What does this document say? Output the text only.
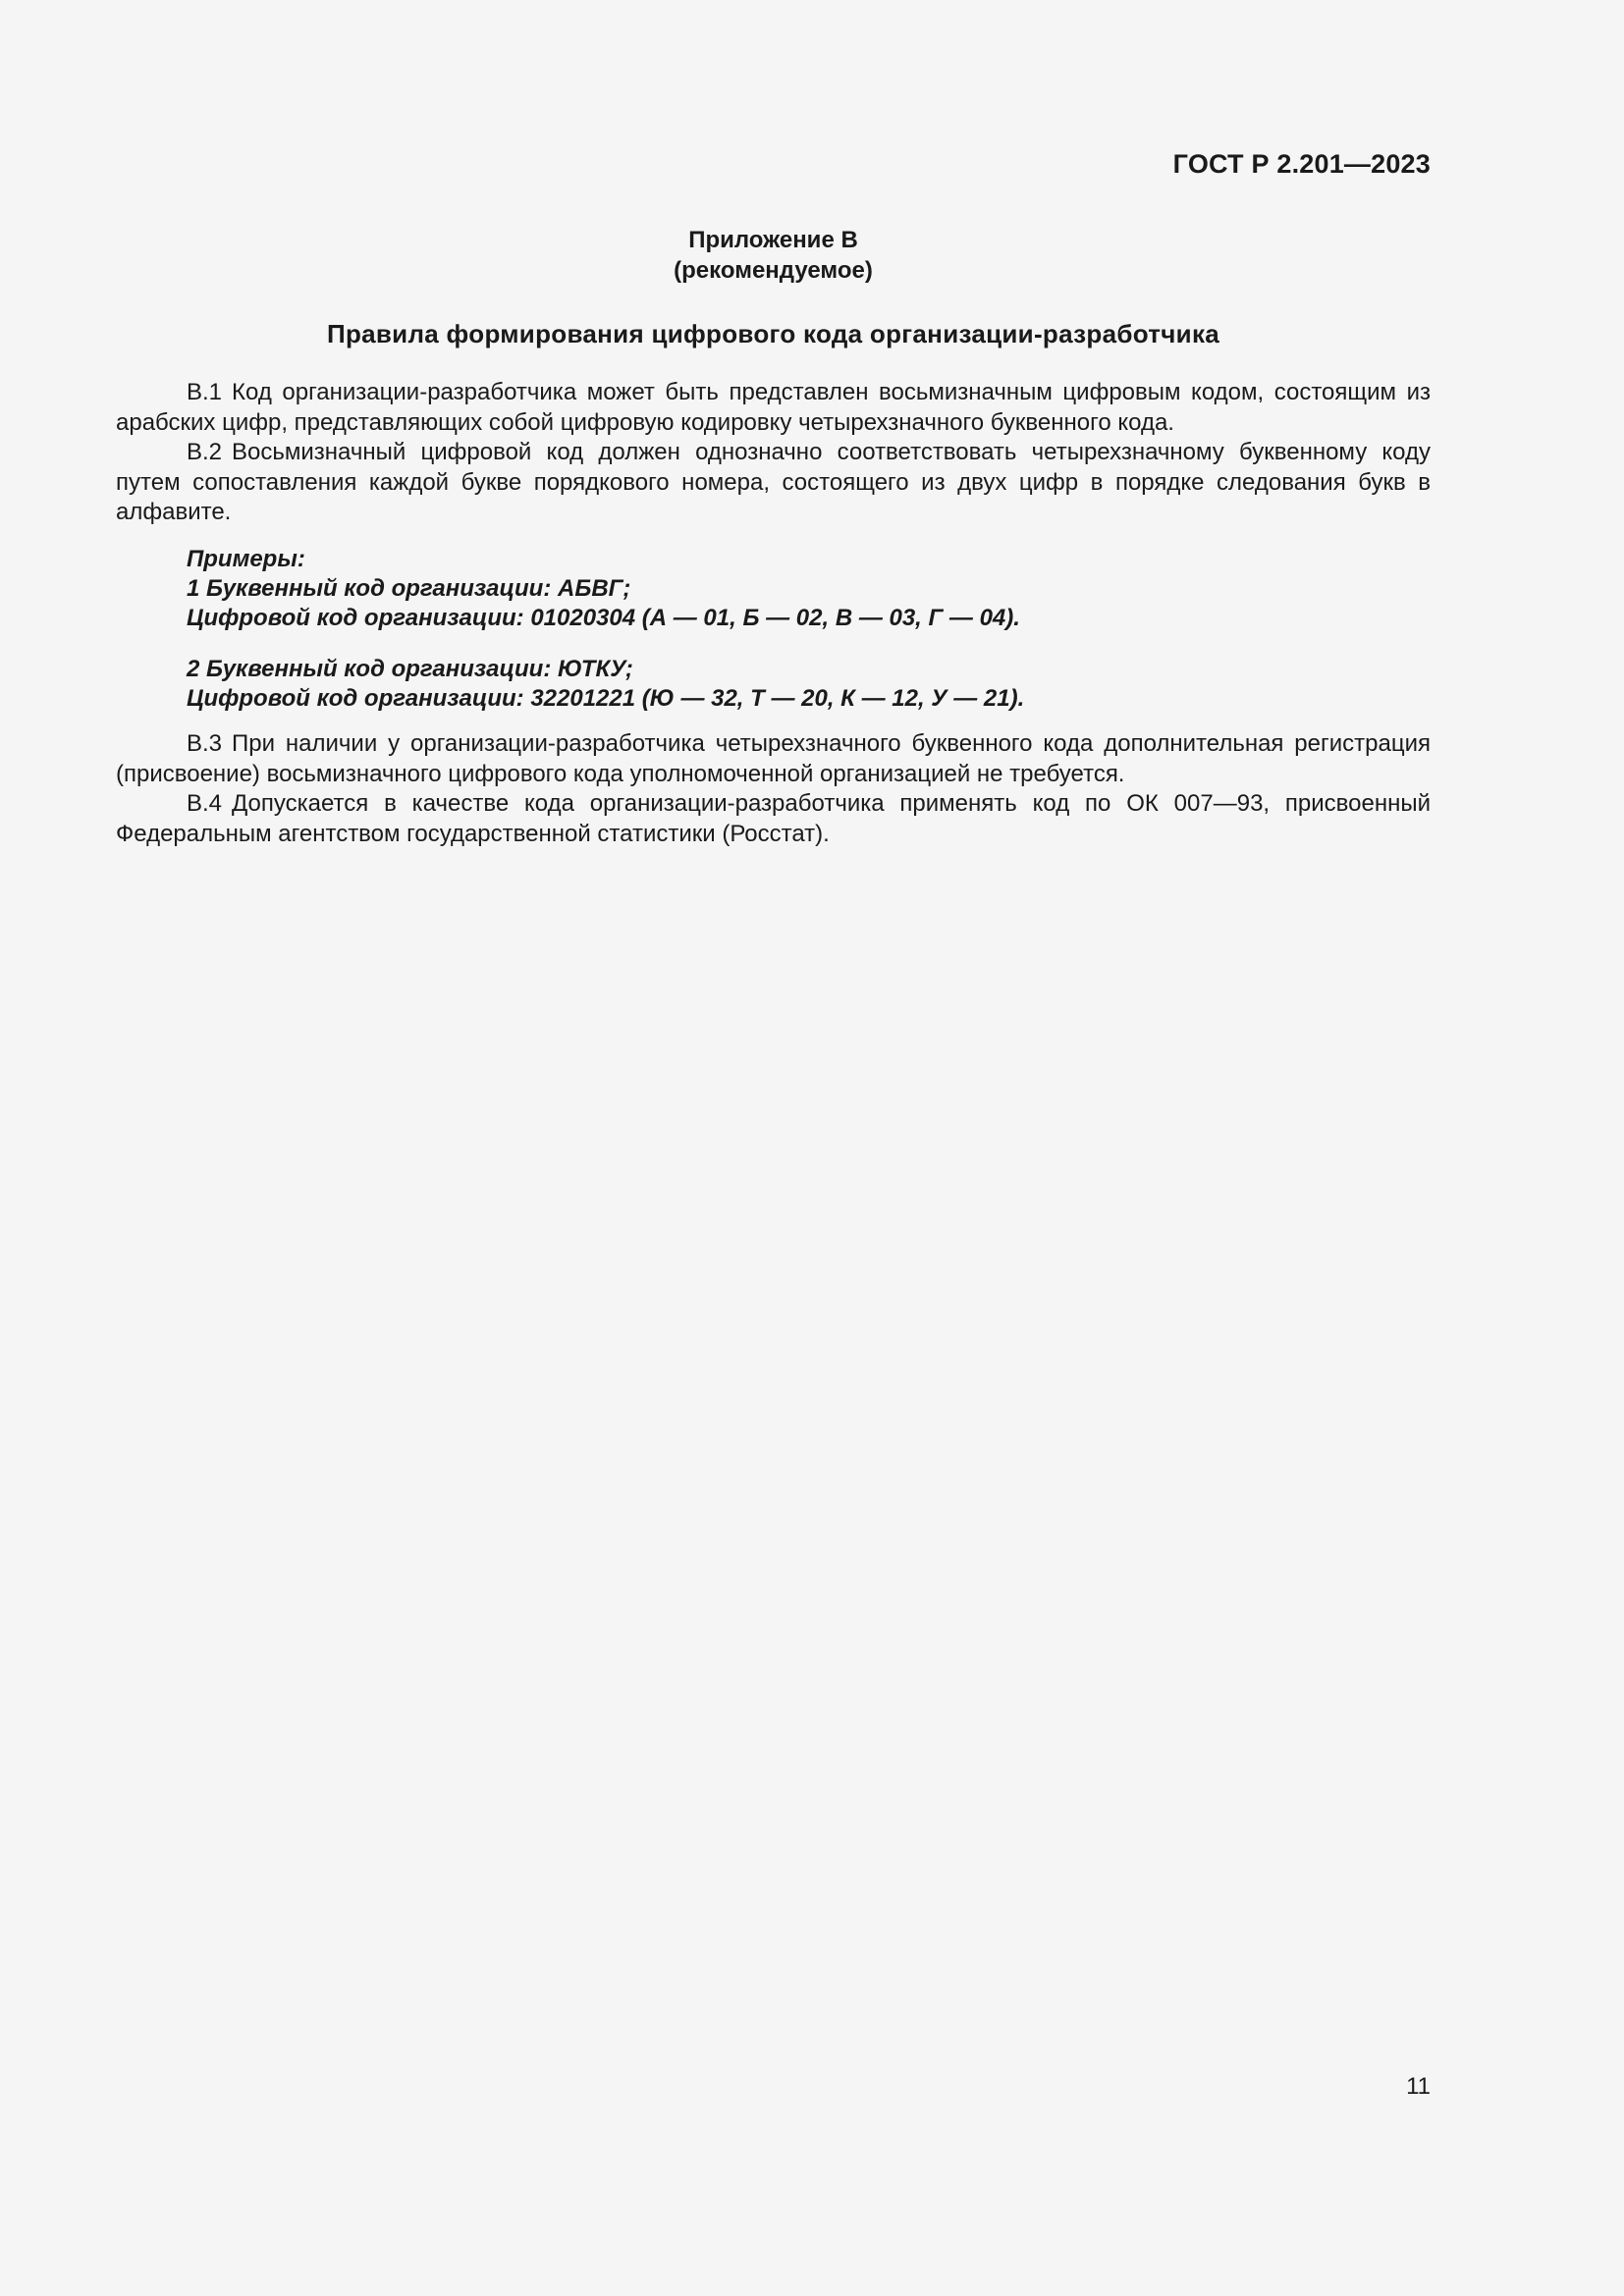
ГОСТ Р 2.201—2023
Приложение В
(рекомендуемое)
Правила формирования цифрового кода организации-разработчика

В.1 Код организации-разработчика может быть представлен восьмизначным цифровым кодом, состоящим из арабских цифр, представляющих собой цифровую кодировку четырехзначного буквенного кода.

В.2 Восьмизначный цифровой код должен однозначно соответствовать четырехзначному буквенному коду путем сопоставления каждой букве порядкового номера, состоящего из двух цифр в порядке следования букв в алфавите.

Примеры:
1 Буквенный код организации: АБВГ;
Цифровой код организации: 01020304 (А — 01, Б — 02, В — 03, Г — 04).
2 Буквенный код организации: ЮТКУ;
Цифровой код организации: 32201221 (Ю — 32, Т — 20, К — 12, У — 21).

В.3 При наличии у организации-разработчика четырехзначного буквенного кода дополнительная регистрация (присвоение) восьмизначного цифрового кода уполномоченной организацией не требуется.

В.4 Допускается в качестве кода организации-разработчика применять код по ОК 007—93, присвоенный Федеральным агентством государственной статистики (Росстат).

11
